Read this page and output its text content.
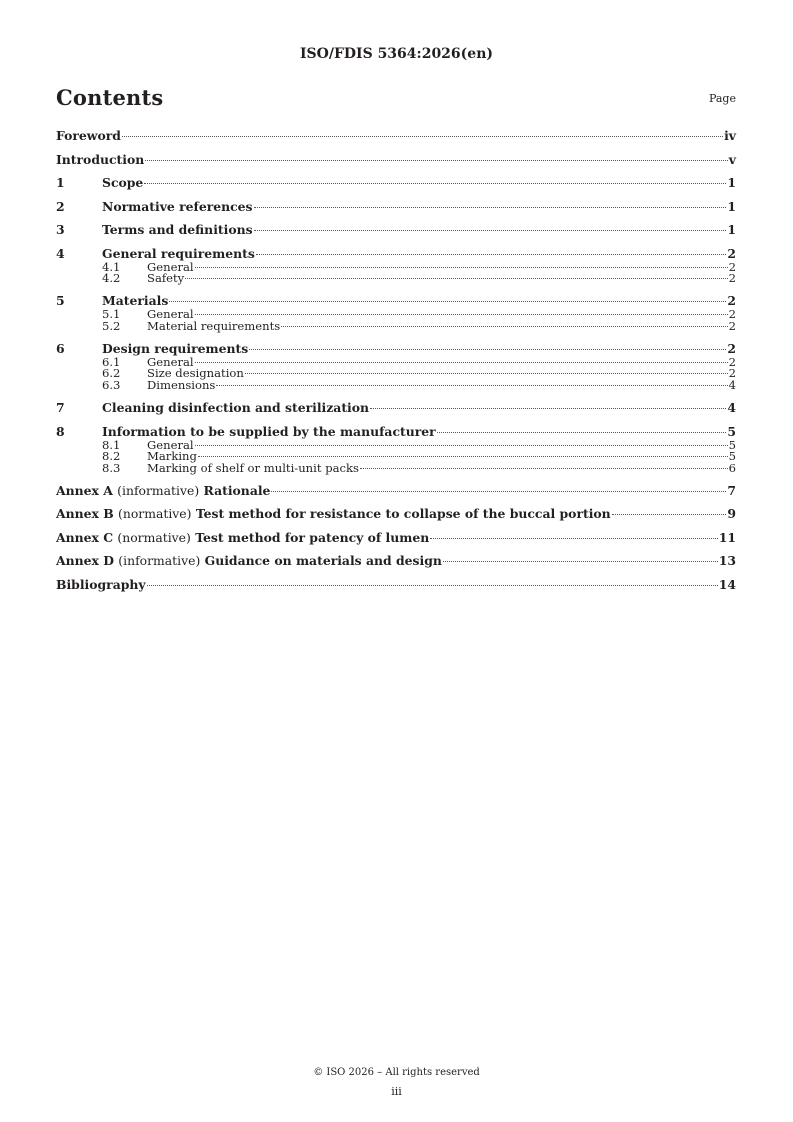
ISO/FDIS 5364:2026(en)
Contents	Page
Foreword	iv
Introduction	v
1	Scope	1
2	Normative references	1
3	Terms and definitions	1
4	General requirements	2
4.1	General	2
4.2	Safety	2
5	Materials	2
5.1	General	2
5.2	Material requirements	2
6	Design requirements	2
6.1	General	2
6.2	Size designation	2
6.3	Dimensions	4
7	Cleaning disinfection and sterilization	4
8	Information to be supplied by the manufacturer	5
8.1	General	5
8.2	Marking	5
8.3	Marking of shelf or multi-unit packs	6
Annex A (informative) Rationale	7
Annex B (normative) Test method for resistance to collapse of the buccal portion	9
Annex C (normative) Test method for patency of lumen	11
Annex D (informative) Guidance on materials and design	13
Bibliography	14
© ISO 2026 – All rights reserved
iii
